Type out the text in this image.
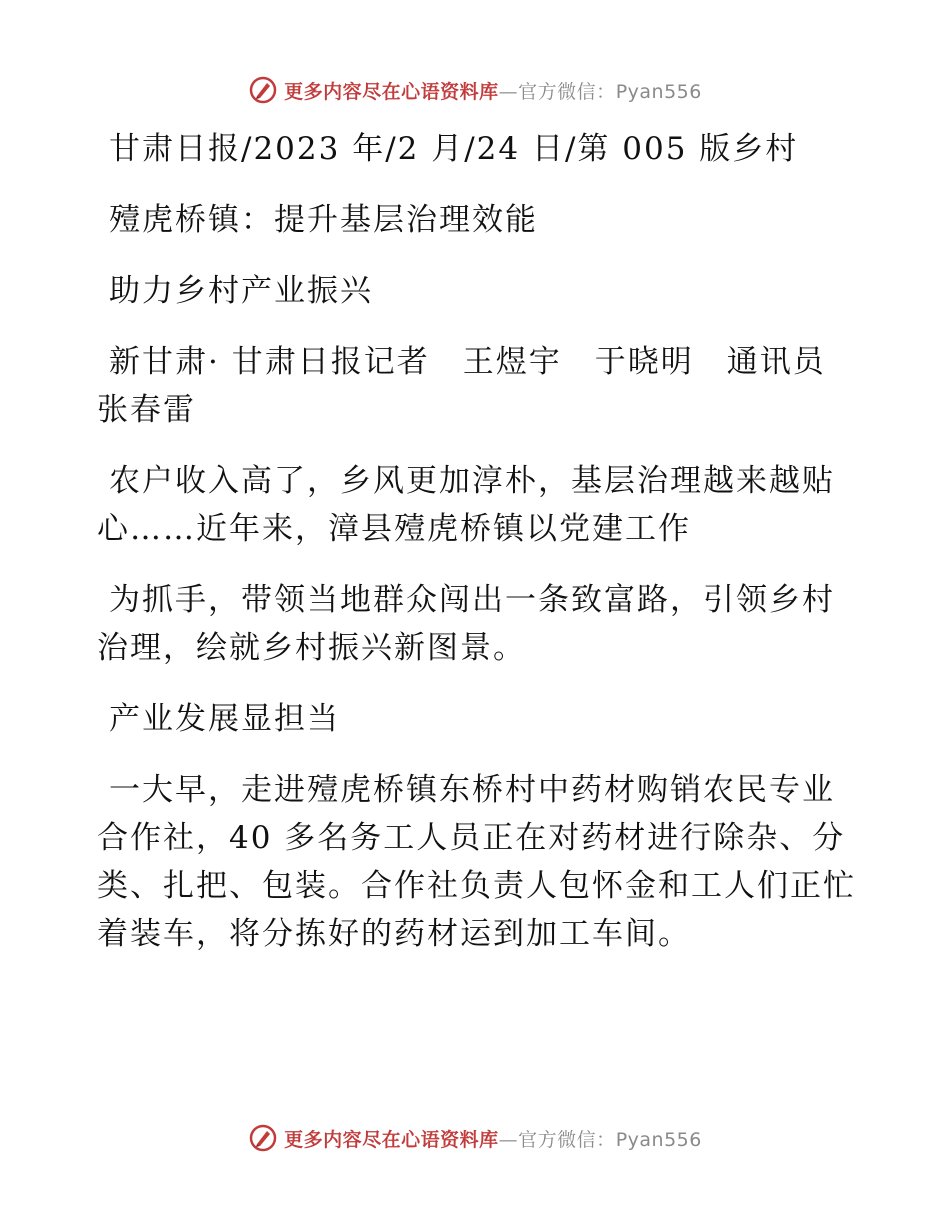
更多内容尽在心语资料库—官方微信：Pyan556

甘肃日报/2023 年/2 月/24 日/第 005 版乡村

殪虎桥镇：提升基层治理效能

助力乡村产业振兴

新甘肃· 甘肃日报记者　王煜宇　于晓明　通讯员　张春雷

农户收入高了，乡风更加淳朴，基层治理越来越贴心……近年来，漳县殪虎桥镇以党建工作

为抓手，带领当地群众闯出一条致富路，引领乡村治理，绘就乡村振兴新图景。

产业发展显担当

一大早，走进殪虎桥镇东桥村中药材购销农民专业合作社，40 多名务工人员正在对药材进行除杂、分类、扎把、包装。合作社负责人包怀金和工人们正忙着装车，将分拣好的药材运到加工车间。

更多内容尽在心语资料库—官方微信：Pyan556
